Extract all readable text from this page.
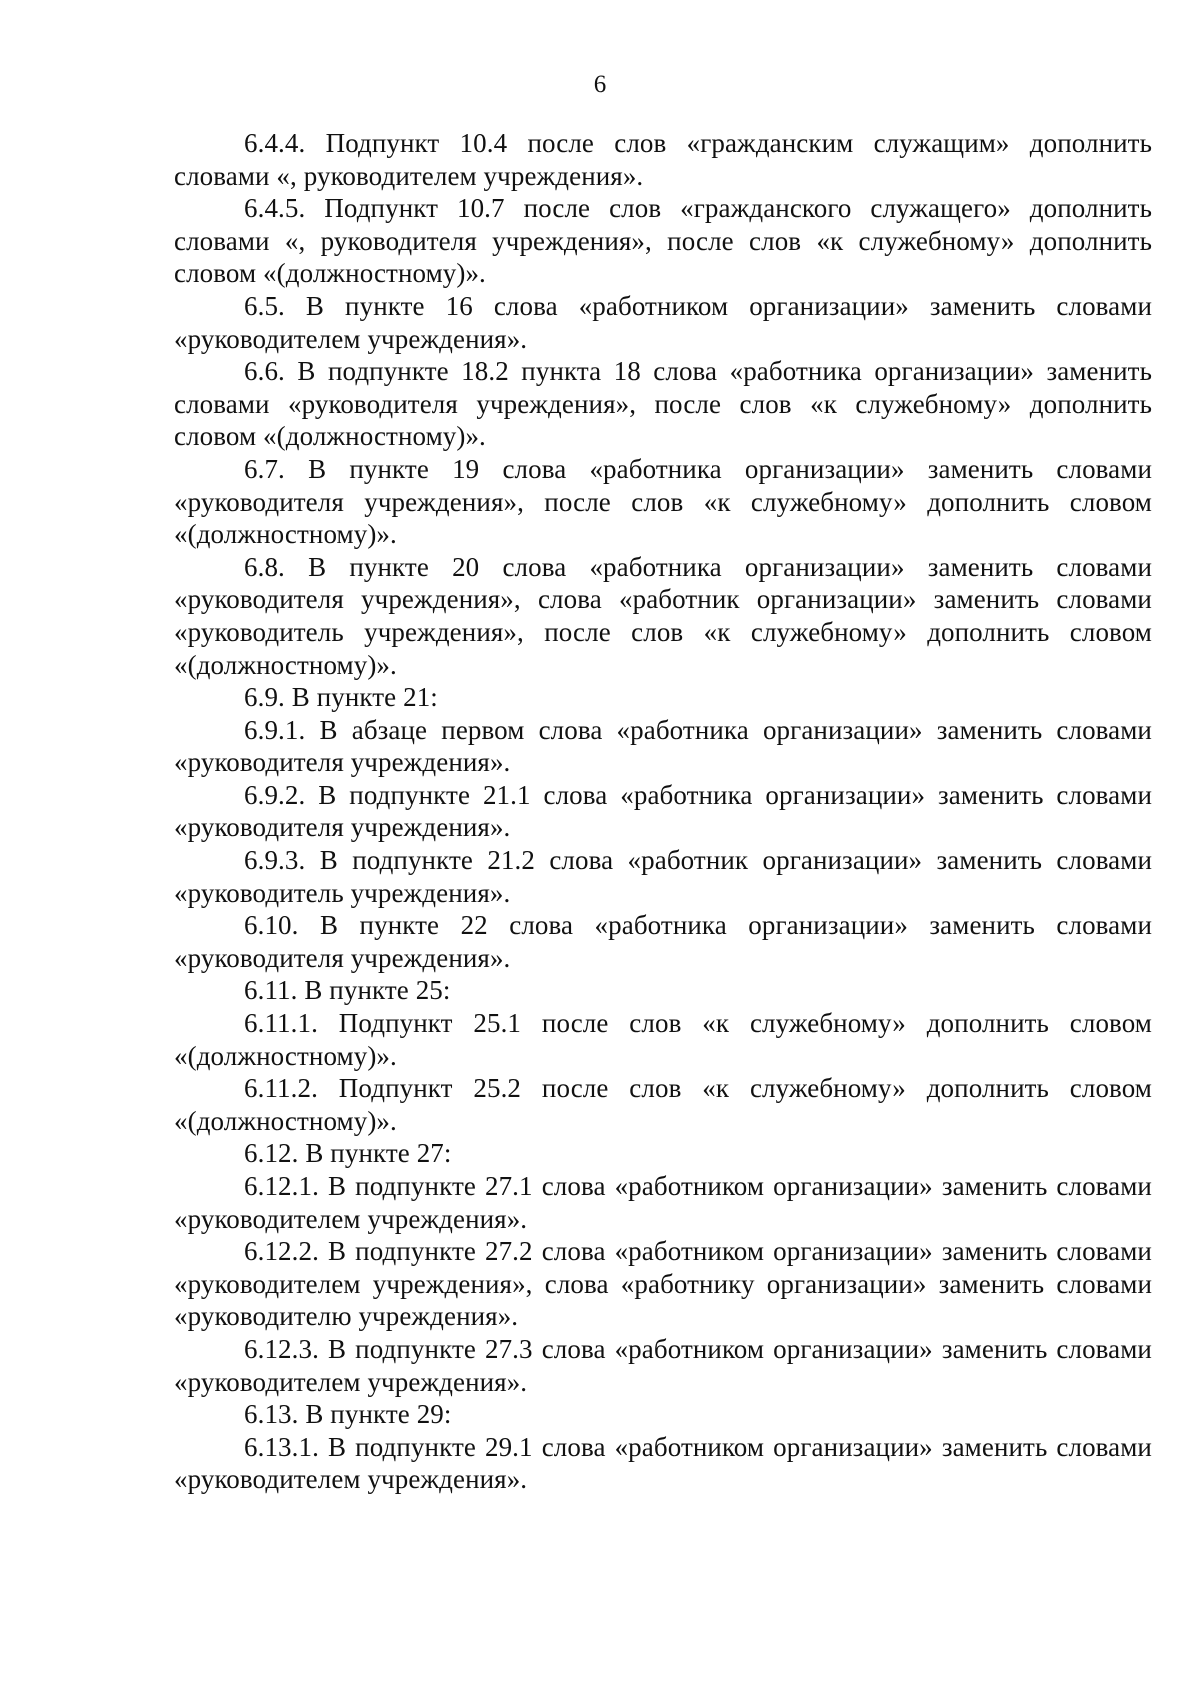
6

6.4.4. Подпункт 10.4 после слов «гражданским служащим» дополнить словами «, руководителем учреждения».

6.4.5. Подпункт 10.7 после слов «гражданского служащего» дополнить словами «, руководителя учреждения», после слов «к служебному» дополнить словом «(должностному)».

6.5. В пункте 16 слова «работником организации» заменить словами «руководителем учреждения».

6.6. В подпункте 18.2 пункта 18 слова «работника организации» заменить словами «руководителя учреждения», после слов «к служебному» дополнить словом «(должностному)».

6.7. В пункте 19 слова «работника организации» заменить словами «руководителя учреждения», после слов «к служебному» дополнить словом «(должностному)».

6.8. В пункте 20 слова «работника организации» заменить словами «руководителя учреждения», слова «работник организации» заменить словами «руководитель учреждения», после слов «к служебному» дополнить словом «(должностному)».

6.9. В пункте 21:

6.9.1. В абзаце первом слова «работника организации» заменить словами «руководителя учреждения».

6.9.2. В подпункте 21.1 слова «работника организации» заменить словами «руководителя учреждения».

6.9.3. В подпункте 21.2 слова «работник организации» заменить словами «руководитель учреждения».

6.10. В пункте 22 слова «работника организации» заменить словами «руководителя учреждения».

6.11. В пункте 25:

6.11.1. Подпункт 25.1 после слов «к служебному» дополнить словом «(должностному)».

6.11.2. Подпункт 25.2 после слов «к служебному» дополнить словом «(должностному)».

6.12. В пункте 27:

6.12.1. В подпункте 27.1 слова «работником организации» заменить словами «руководителем учреждения».

6.12.2. В подпункте 27.2 слова «работником организации» заменить словами «руководителем учреждения», слова «работнику организации» заменить словами «руководителю учреждения».

6.12.3. В подпункте 27.3 слова «работником организации» заменить словами «руководителем учреждения».

6.13. В пункте 29:

6.13.1. В подпункте 29.1 слова «работником организации» заменить словами «руководителем учреждения».
